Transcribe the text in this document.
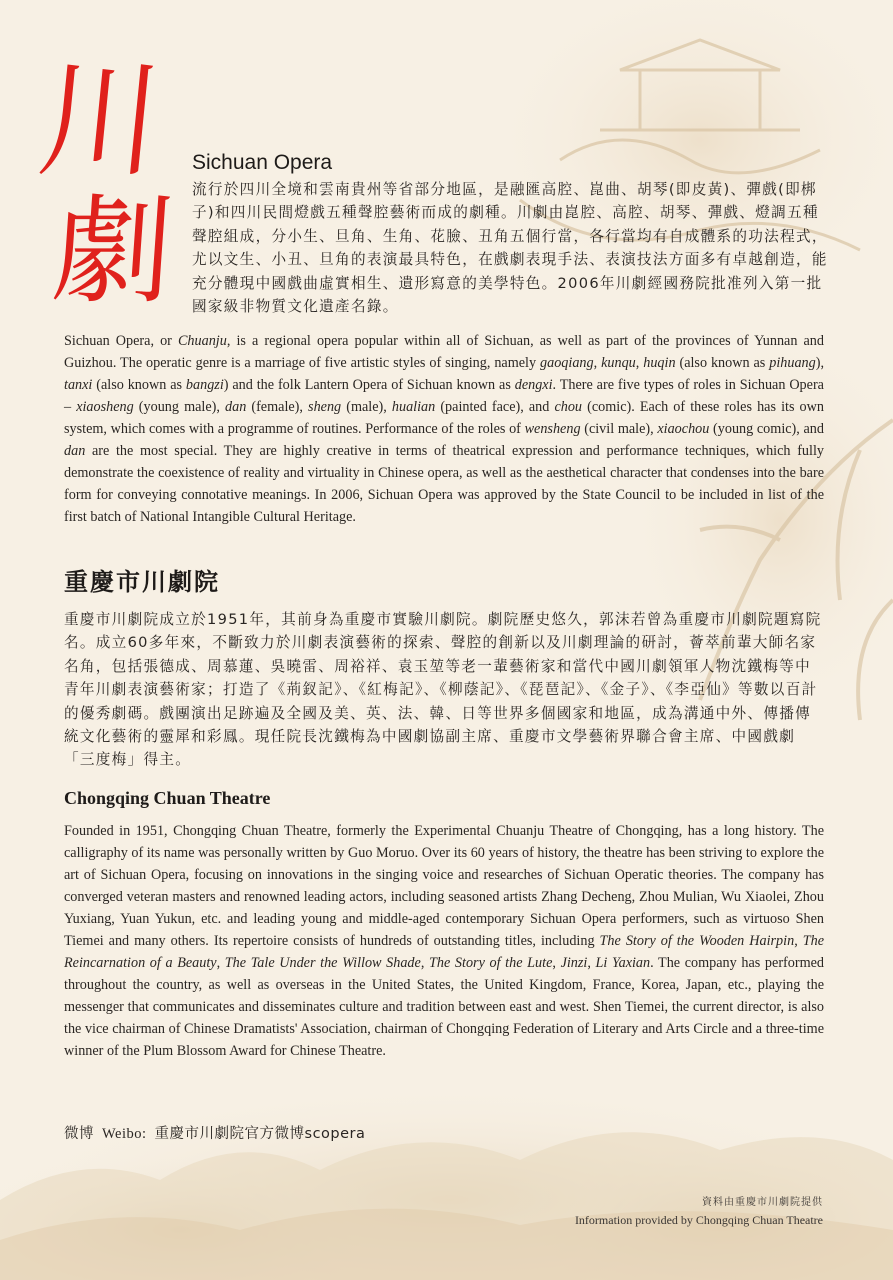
川
劇
Sichuan Opera

流行於四川全境和雲南貴州等省部分地區，是融匯高腔、崑曲、胡琴(即皮黃)、彈戲(即梆子)和四川民間燈戲五種聲腔藝術而成的劇種。川劇由崑腔、高腔、胡琴、彈戲、燈調五種聲腔組成，分小生、旦角、生角、花臉、丑角五個行當，各行當均有自成體系的功法程式，尤以文生、小丑、旦角的表演最具特色，在戲劇表現手法、表演技法方面多有卓越創造，能充分體現中國戲曲虛實相生、遺形寫意的美學特色。2006年川劇經國務院批准列入第一批國家級非物質文化遺產名錄。

Sichuan Opera, or Chuanju, is a regional opera popular within all of Sichuan, as well as part of the provinces of Yunnan and Guizhou. The operatic genre is a marriage of five artistic styles of singing, namely gaoqiang, kunqu, huqin (also known as pihuang), tanxi (also known as bangzi) and the folk Lantern Opera of Sichuan known as dengxi. There are five types of roles in Sichuan Opera – xiaosheng (young male), dan (female), sheng (male), hualian (painted face), and chou (comic). Each of these roles has its own system, which comes with a programme of routines. Performance of the roles of wensheng (civil male), xiaochou (young comic), and dan are the most special. They are highly creative in terms of theatrical expression and performance techniques, which fully demonstrate the coexistence of reality and virtuality in Chinese opera, as well as the aesthetical character that condenses into the bare form for conveying connotative meanings. In 2006, Sichuan Opera was approved by the State Council to be included in list of the first batch of National Intangible Cultural Heritage.

重慶市川劇院

重慶市川劇院成立於1951年，其前身為重慶市實驗川劇院。劇院歷史悠久，郭沫若曾為重慶市川劇院題寫院名。成立60多年來，不斷致力於川劇表演藝術的探索、聲腔的創新以及川劇理論的研討，薈萃前輩大師名家名角，包括張德成、周慕蓮、吳曉雷、周裕祥、袁玉堃等老一輩藝術家和當代中國川劇領軍人物沈鐵梅等中青年川劇表演藝術家；打造了《荊釵記》、《紅梅記》、《柳蔭記》、《琵琶記》、《金子》、《李亞仙》等數以百計的優秀劇碼。戲團演出足跡遍及全國及美、英、法、韓、日等世界多個國家和地區，成為溝通中外、傳播傳統文化藝術的靈犀和彩鳳。現任院長沈鐵梅為中國劇協副主席、重慶市文學藝術界聯合會主席、中國戲劇「三度梅」得主。

Chongqing Chuan Theatre

Founded in 1951, Chongqing Chuan Theatre, formerly the Experimental Chuanju Theatre of Chongqing, has a long history. The calligraphy of its name was personally written by Guo Moruo. Over its 60 years of history, the theatre has been striving to explore the art of Sichuan Opera, focusing on innovations in the singing voice and researches of Sichuan Operatic theories. The company has converged veteran masters and renowned leading actors, including seasoned artists Zhang Decheng, Zhou Mulian, Wu Xiaolei, Zhou Yuxiang, Yuan Yukun, etc. and leading young and middle-aged contemporary Sichuan Opera performers, such as virtuoso Shen Tiemei and many others. Its repertoire consists of hundreds of outstanding titles, including The Story of the Wooden Hairpin, The Reincarnation of a Beauty, The Tale Under the Willow Shade, The Story of the Lute, Jinzi, Li Yaxian. The company has performed throughout the country, as well as overseas in the United States, the United Kingdom, France, Korea, Japan, etc., playing the messenger that communicates and disseminates culture and tradition between east and west. Shen Tiemei, the current director, is also the vice chairman of Chinese Dramatists' Association, chairman of Chongqing Federation of Literary and Arts Circle and a three-time winner of the Plum Blossom Award for Chinese Theatre.

微博 Weibo: 重慶市川劇院官方微博scopera
資料由重慶市川劇院提供
Information provided by Chongqing Chuan Theatre
